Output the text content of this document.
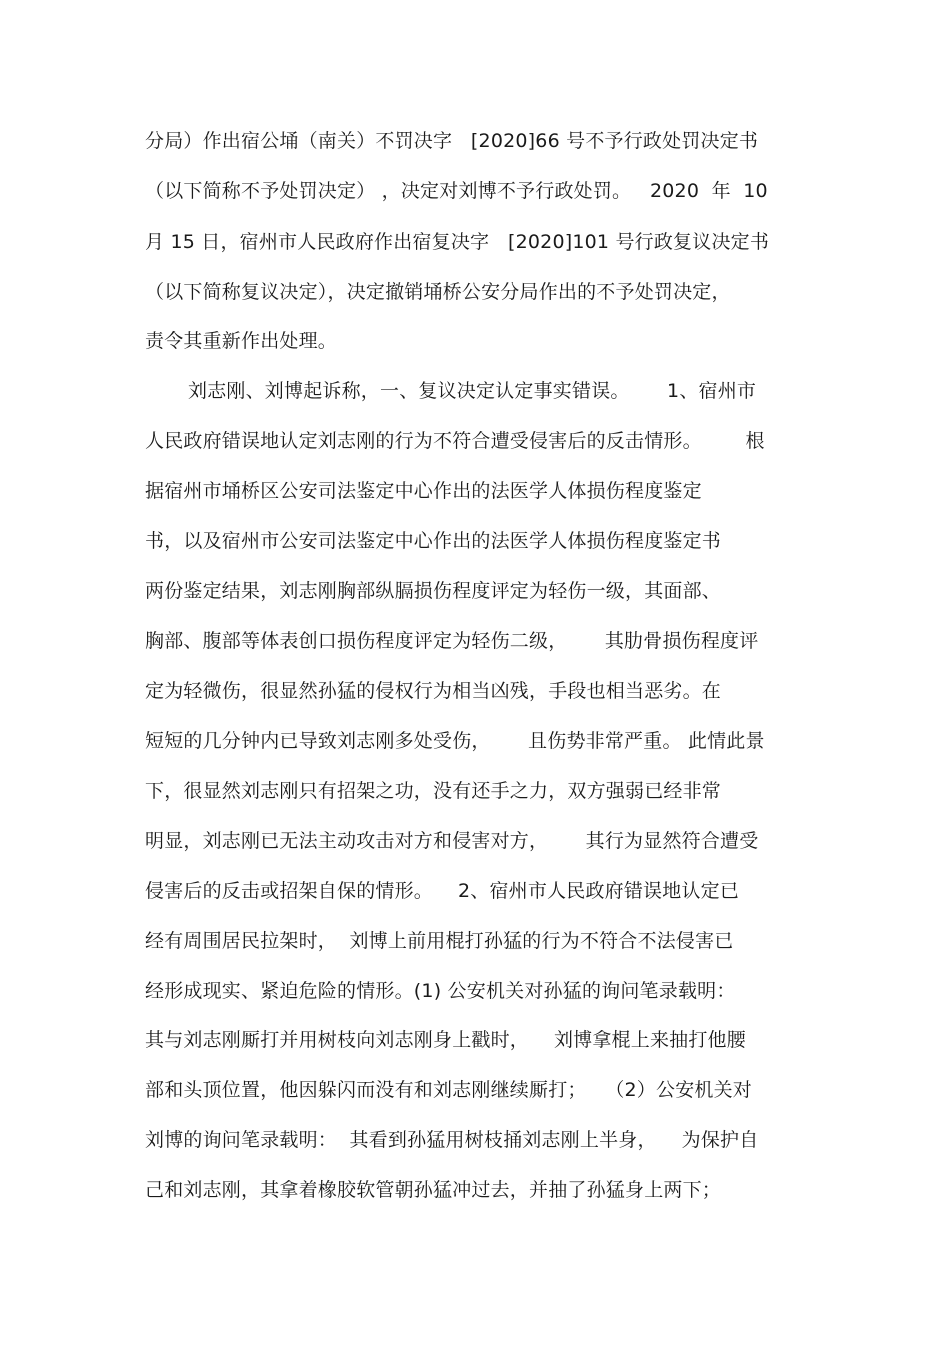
分局）作出宿公埇（南关）不罚决字   [2020]66 号不予行政处罚决定书

（以下简称不予处罚决定） ，决定对刘博不予行政处罚。   2020  年  10

月 15 日，宿州市人民政府作出宿复决字   [2020]101 号行政复议决定书

（以下简称复议决定），决定撤销埇桥公安分局作出的不予处罚决定，

责令其重新作出处理。

刘志刚、刘博起诉称，一、复议决定认定事实错误。      1、宿州市

人民政府错误地认定刘志刚的行为不符合遭受侵害后的反击情形。       根

据宿州市埇桥区公安司法鉴定中心作出的法医学人体损伤程度鉴定

书，以及宿州市公安司法鉴定中心作出的法医学人体损伤程度鉴定书

两份鉴定结果，刘志刚胸部纵膈损伤程度评定为轻伤一级，其面部、

胸部、腹部等体表创口损伤程度评定为轻伤二级，      其肋骨损伤程度评

定为轻微伤，很显然孙猛的侵权行为相当凶残，手段也相当恶劣。在

短短的几分钟内已导致刘志刚多处受伤，      且伤势非常严重。 此情此景

下，很显然刘志刚只有招架之功，没有还手之力，双方强弱已经非常

明显，刘志刚已无法主动攻击对方和侵害对方，      其行为显然符合遭受

侵害后的反击或招架自保的情形。    2、宿州市人民政府错误地认定已

经有周围居民拉架时，  刘博上前用棍打孙猛的行为不符合不法侵害已

经形成现实、紧迫危险的情形。(1) 公安机关对孙猛的询问笔录载明：

其与刘志刚厮打并用树枝向刘志刚身上戳时，    刘博拿棍上来抽打他腰

部和头顶位置，他因躲闪而没有和刘志刚继续厮打；   （2）公安机关对

刘博的询问笔录载明：  其看到孙猛用树枝捅刘志刚上半身，    为保护自

己和刘志刚，其拿着橡胶软管朝孙猛冲过去，并抽了孙猛身上两下；
